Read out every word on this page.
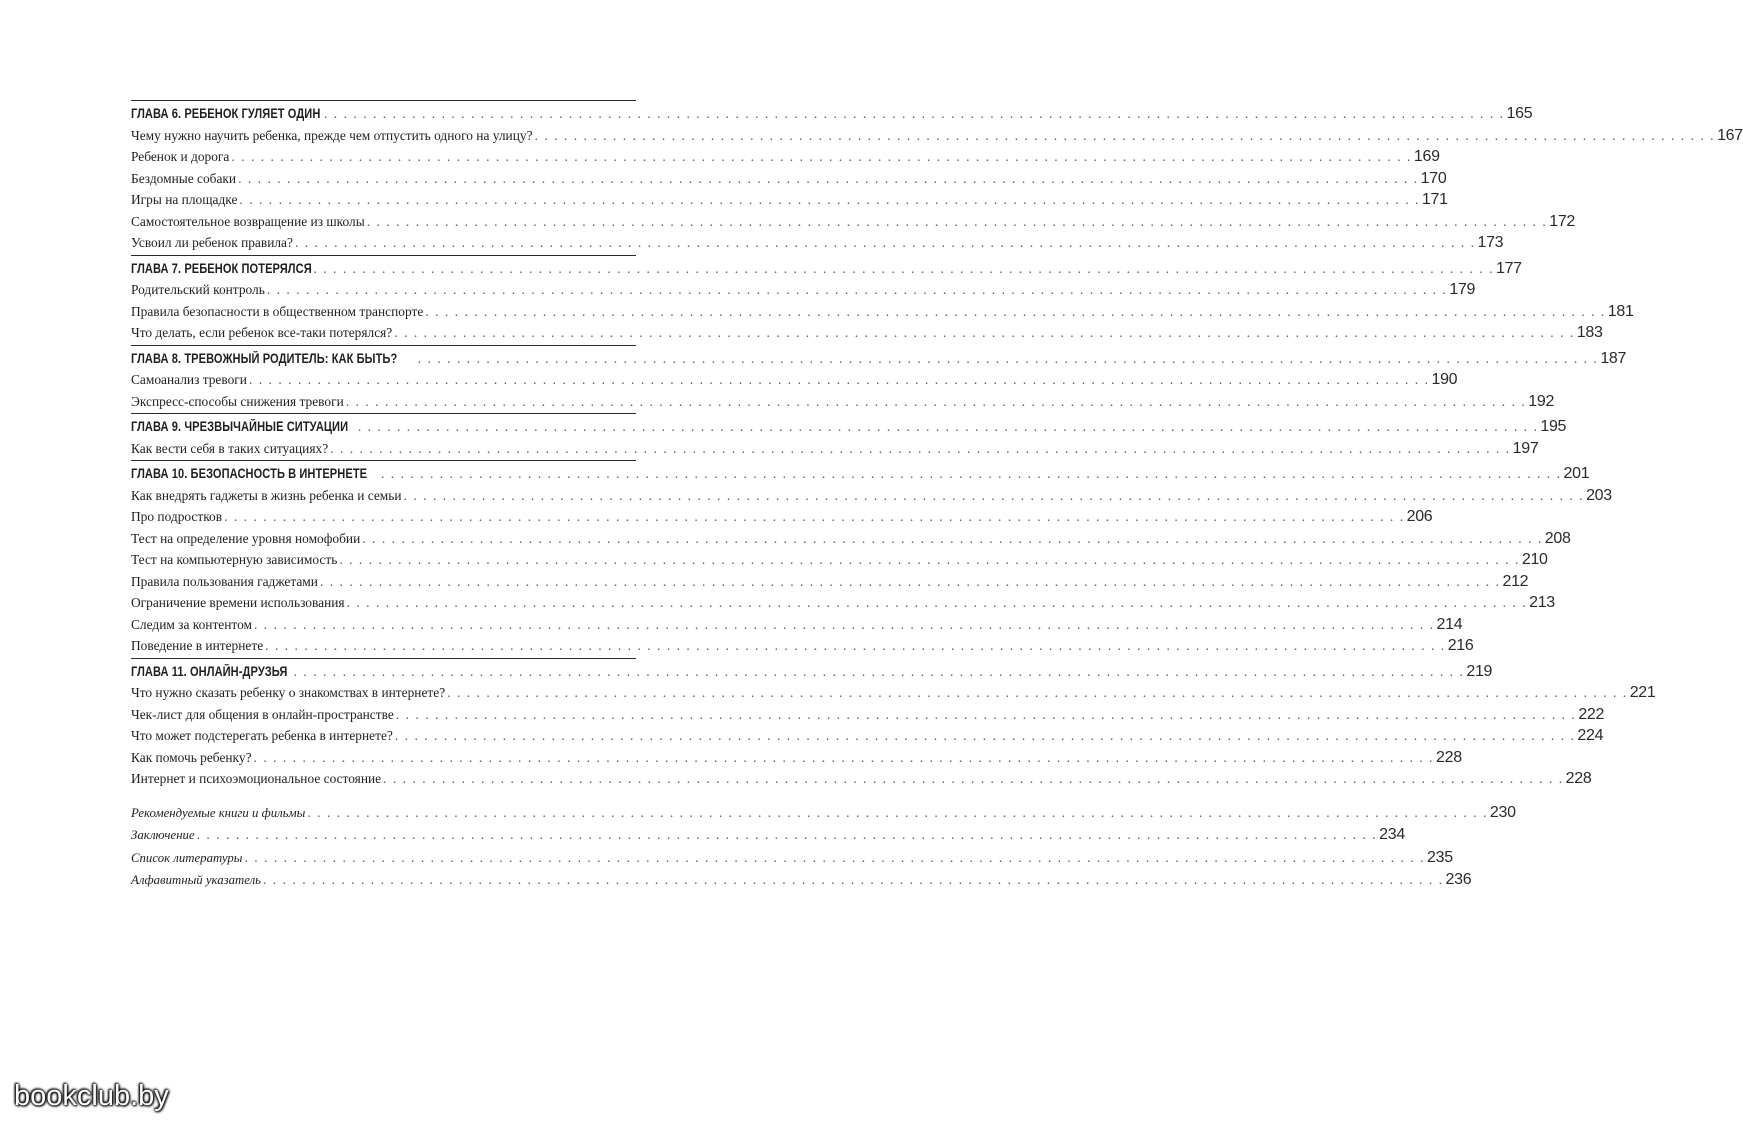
ГЛАВА 6. РЕБЕНОК ГУЛЯЕТ ОДИН . . .	165
Чему нужно научить ребенка, прежде чем отпустить одного на улицу? . . .	167
Ребенок и дорога . . .	169
Бездомные собаки . . .	170
Игры на площадке . . .	171
Самостоятельное возвращение из школы . . .	172
Усвоил ли ребенок правила? . . .	173
ГЛАВА 7. РЕБЕНОК ПОТЕРЯЛСЯ . . .	177
Родительский контроль . . .	179
Правила безопасности в общественном транспорте . . .	181
Что делать, если ребенок все-таки потерялся? . . .	183
ГЛАВА 8. ТРЕВОЖНЫЙ РОДИТЕЛЬ: КАК БЫТЬ? . . .	187
Самоанализ тревоги . . .	190
Экспресс-способы снижения тревоги . . .	192
ГЛАВА 9. ЧРЕЗВЫЧАЙНЫЕ СИТУАЦИИ . . .	195
Как вести себя в таких ситуациях? . . .	197
ГЛАВА 10. БЕЗОПАСНОСТЬ В ИНТЕРНЕТЕ . . .	201
Как внедрять гаджеты в жизнь ребенка и семьи . . .	203
Про подростков . . .	206
Тест на определение уровня номофобии . . .	208
Тест на компьютерную зависимость . . .	210
Правила пользования гаджетами . . .	212
Ограничение времени использования . . .	213
Следим за контентом . . .	214
Поведение в интернете . . .	216
ГЛАВА 11. ОНЛАЙН-ДРУЗЬЯ . . .	219
Что нужно сказать ребенку о знакомствах в интернете? . . .	221
Чек-лист для общения в онлайн-пространстве . . .	222
Что может подстерегать ребенка в интернете? . . .	224
Как помочь ребенку? . . .	228
Интернет и психоэмоциональное состояние . . .	228
Рекомендуемые книги и фильмы . . .	230
Заключение . . .	234
Список литературы . . .	235
Алфавитный указатель . . .	236
bookclub.by
